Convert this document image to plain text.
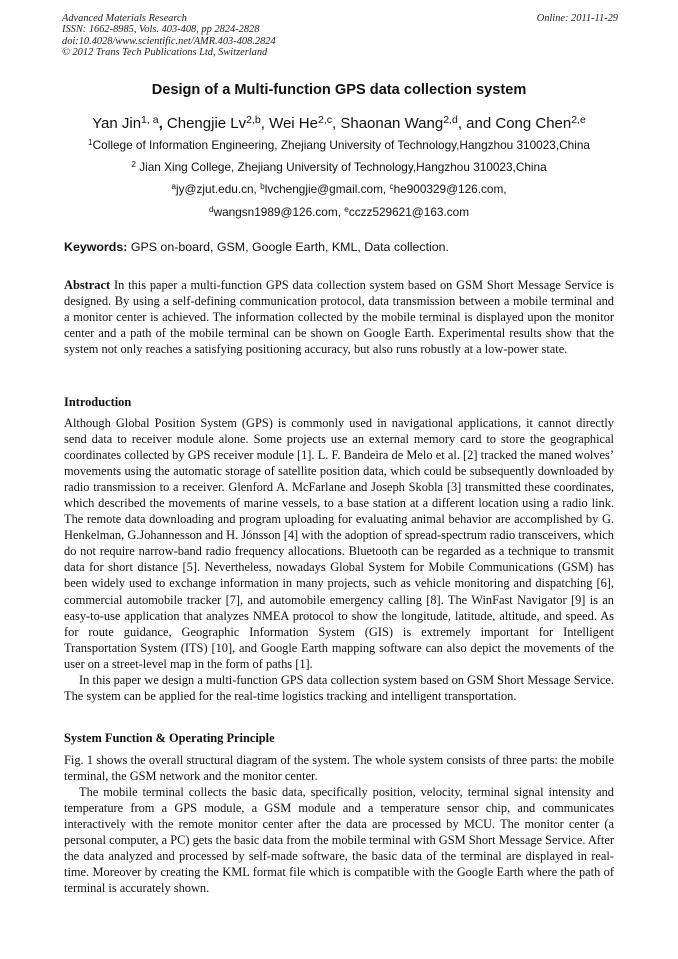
Advanced Materials Research
ISSN: 1662-8985, Vols. 403-408, pp 2824-2828
doi:10.4028/www.scientific.net/AMR.403-408.2824
© 2012 Trans Tech Publications Ltd, Switzerland
Online: 2011-11-29
Design of a Multi-function GPS data collection system
Yan Jin$^{1, a}$, Chengjie Lv$^{2,b}$, Wei He$^{2,c}$, Shaonan Wang$^{2,d}$, and Cong Chen$^{2,e}$
$^1$College of Information Engineering, Zhejiang University of Technology,Hangzhou 310023,China
$^2$ Jian Xing College, Zhejiang University of Technology,Hangzhou 310023,China
$^a$jy@zjut.edu.cn, $^b$lvchengjie@gmail.com, $^c$he900329@126.com,
$^d$wangsn1989@126.com, $^e$cczz529621@163.com
Keywords: GPS on-board, GSM, Google Earth, KML, Data collection.

Abstract In this paper a multi-function GPS data collection system based on GSM Short Message Service is designed. By using a self-defining communication protocol, data transmission between a mobile terminal and a monitor center is achieved. The information collected by the mobile terminal is displayed upon the monitor center and a path of the mobile terminal can be shown on Google Earth. Experimental results show that the system not only reaches a satisfying positioning accuracy, but also runs robustly at a low-power state.

Introduction

Although Global Position System (GPS) is commonly used in navigational applications, it cannot directly send data to receiver module alone. Some projects use an external memory card to store the geographical coordinates collected by GPS receiver module [1]. L. F. Bandeira de Melo et al. [2] tracked the maned wolves’ movements using the automatic storage of satellite position data, which could be subsequently downloaded by radio transmission to a receiver. Glenford A. McFarlane and Joseph Skobla [3] transmitted these coordinates, which described the movements of marine vessels, to a base station at a different location using a radio link. The remote data downloading and program uploading for evaluating animal behavior are accomplished by G. Henkelman, G.Johannesson and H. Jónsson [4] with the adoption of spread-spectrum radio transceivers, which do not require narrow-band radio frequency allocations. Bluetooth can be regarded as a technique to transmit data for short distance [5]. Nevertheless, nowadays Global System for Mobile Communications (GSM) has been widely used to exchange information in many projects, such as vehicle monitoring and dispatching [6], commercial automobile tracker [7], and automobile emergency calling [8]. The WinFast Navigator [9] is an easy-to-use application that analyzes NMEA protocol to show the longitude, latitude, altitude, and speed. As for route guidance, Geographic Information System (GIS) is extremely important for Intelligent Transportation System (ITS) [10], and Google Earth mapping software can also depict the movements of the user on a street-level map in the form of paths [1].

In this paper we design a multi-function GPS data collection system based on GSM Short Message Service. The system can be applied for the real-time logistics tracking and intelligent transportation.

System Function & Operating Principle

Fig. 1 shows the overall structural diagram of the system. The whole system consists of three parts: the mobile terminal, the GSM network and the monitor center.

The mobile terminal collects the basic data, specifically position, velocity, terminal signal intensity and temperature from a GPS module, a GSM module and a temperature sensor chip, and communicates interactively with the remote monitor center after the data are processed by MCU. The monitor center (a personal computer, a PC) gets the basic data from the mobile terminal with GSM Short Message Service. After the data analyzed and processed by self-made software, the basic data of the terminal are displayed in real-time. Moreover by creating the KML format file which is compatible with the Google Earth where the path of terminal is accurately shown.
